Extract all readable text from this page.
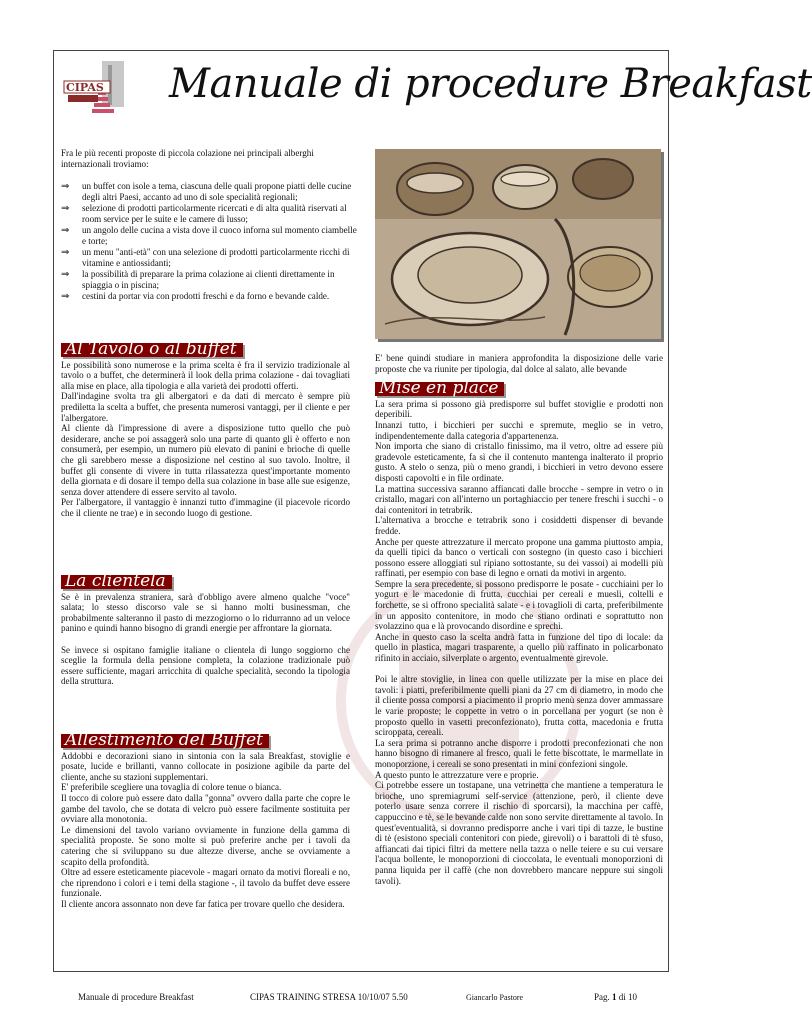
CIPAS Manuale di procedure Breakfast

Fra le più recenti proposte di piccola colazione nei principali alberghi internazionali troviamo:

⇒ un buffet con isole a tema, ciascuna delle quali propone piatti delle cucine degli altri Paesi, accanto ad uno di sole specialità regionali;
⇒ selezione di prodotti particolarmente ricercati e di alta qualità riservati al room service per le suite e le camere di lusso;
⇒ un angolo delle cucina a vista dove il cuoco inforna sul momento ciambelle e torte;
⇒ un menu "anti-età" con una selezione di prodotti particolarmente ricchi di vitamine e antiossidanti;
⇒ la possibilità di preparare la prima colazione ai clienti direttamente in spiaggia o in piscina;
⇒ cestini da portar via con prodotti freschi e da forno e bevande calde.
Al Tavolo o al buffet

Le possibilità sono numerose e la prima scelta è fra il servizio tradizionale al tavolo o a buffet, che determinerà il look della prima colazione - dai tovagliati alla mise en place, alla tipologia e alla varietà dei prodotti offerti.

Dall'indagine svolta tra gli albergatori e da dati di mercato è sempre più prediletta la scelta a buffet, che presenta numerosi vantaggi, per il cliente e per l'albergatore.

Al cliente dà l'impressione di avere a disposizione tutto quello che può desiderare, anche se poi assaggerà solo una parte di quanto gli è offerto e non consumerà, per esempio, un numero più elevato di panini e brioche di quelle che gli sarebbero messe a disposizione nel cestino al suo tavolo. Inoltre, il buffet gli consente di vivere in tutta rilassatezza quest'importante momento della giornata e di dosare il tempo della sua colazione in base alle sue esigenze, senza dover attendere di essere servito al tavolo.

Per l'albergatore, il vantaggio è innanzi tutto d'immagine (il piacevole ricordo che il cliente ne trae) e in secondo luogo di gestione.

La clientela

Se è in prevalenza straniera, sarà d'obbligo avere almeno qualche "voce" salata; lo stesso discorso vale se si hanno molti businessman, che probabilmente salteranno il pasto di mezzogiorno o lo ridurranno ad un veloce panino e quindi hanno bisogno di grandi energie per affrontare la giornata.

Se invece si ospitano famiglie italiane o clientela di lungo soggiorno che sceglie la formula della pensione completa, la colazione tradizionale può essere sufficiente, magari arricchita di qualche specialità, secondo la tipologia della struttura.

Allestimento del Buffet

Addobbi e decorazioni siano in sintonia con la sala Breakfast, stoviglie e posate, lucide e brillanti, vanno collocate in posizione agibile da parte del cliente, anche su stazioni supplementari.

E' preferibile scegliere una tovaglia di colore tenue o bianca.

Il tocco di colore può essere dato dalla "gonna" ovvero dalla parte che copre le gambe del tavolo, che se dotata di velcro può essere facilmente sostituita per ovviare alla monotonia.

Le dimensioni del tavolo variano ovviamente in funzione della gamma di specialità proposte. Se sono molte si può preferire anche per i tavoli da catering che si sviluppano su due altezze diverse, anche se ovviamente a scapito della profondità.

Oltre ad essere esteticamente piacevole - magari ornato da motivi floreali e no, che riprendono i colori e i temi della stagione -, il tavolo da buffet deve essere funzionale.

Il cliente ancora assonnato non deve far fatica per trovare quello che desidera.

E' bene quindi studiare in maniera approfondita la disposizione delle varie proposte che va riunite per tipologia, dal dolce al salato, alle bevande

Mise en place

La sera prima si possono già predisporre sul buffet stoviglie e prodotti non deperibili.

Innanzi tutto, i bicchieri per succhi e spremute, meglio se in vetro, indipendentemente dalla categoria d'appartenenza.

Non importa che siano di cristallo finissimo, ma il vetro, oltre ad essere più gradevole esteticamente, fa sì che il contenuto mantenga inalterato il proprio gusto. A stelo o senza, più o meno grandi, i bicchieri in vetro devono essere disposti capovolti e in file ordinate.

La mattina successiva saranno affiancati dalle brocche - sempre in vetro o in cristallo, magari con all'interno un portaghiaccio per tenere freschi i succhi - o dai contenitori in tetrabrik.

L'alternativa a brocche e tetrabrik sono i cosiddetti dispenser di bevande fredde.

Anche per queste attrezzature il mercato propone una gamma piuttosto ampia, da quelli tipici da banco o verticali con sostegno (in questo caso i bicchieri possono essere alloggiati sul ripiano sottostante, su dei vassoi) ai modelli più raffinati, per esempio con base di legno e ornati da motivi in argento.

Sempre la sera precedente, si possono predisporre le posate - cucchiaini per lo yogurt e le macedonie di frutta, cucchiai per cereali e muesli, coltelli e forchette, se si offrono specialità salate - e i tovaglioli di carta, preferibilmente in un apposito contenitore, in modo che stiano ordinati e soprattutto non svolazzino qua e là provocando disordine e sprechi.

Anche in questo caso la scelta andrà fatta in funzione del tipo di locale: da quello in plastica, magari trasparente, a quello più raffinato in policarbonato rifinito in acciaio, silverplate o argento, eventualmente girevole.

Poi le altre stoviglie, in linea con quelle utilizzate per la mise en place dei tavoli: i piatti, preferibilmente quelli piani da 27 cm di diametro, in modo che il cliente possa comporsi a piacimento il proprio menù senza dover ammassare le varie proposte; le coppette in vetro o in porcellana per yogurt (se non è proposto quello in vasetti preconfezionato), frutta cotta, macedonia e frutta sciroppata, cereali.

La sera prima si potranno anche disporre i prodotti preconfezionati che non hanno bisogno di rimanere al fresco, quali le fette biscottate, le marmellate in monoporzione, i cereali se sono presentati in mini confezioni singole.

A questo punto le attrezzature vere e proprie.

Ci potrebbe essere un tostapane, una vetrinetta che mantiene a temperatura le brioche, uno spremiagrumi self-service (attenzione, però, il cliente deve poterlo usare senza correre il rischio di sporcarsi), la macchina per caffè, cappuccino e tè, se le bevande calde non sono servite direttamente al tavolo. In quest'eventualità, si dovranno predisporre anche i vari tipi di tazze, le bustine di tè (esistono speciali contenitori con piede, girevoli) o i barattoli di tè sfuso, affiancati dai tipici filtri da mettere nella tazza o nelle teiere e su cui versare l'acqua bollente, le monoporzioni di cioccolata, le eventuali monoporzioni di panna liquida per il caffè (che non dovrebbero mancare neppure sui singoli tavoli).

Manuale di procedure Breakfast	CIPAS TRAINING STRESA 10/10/07 5.50	Giancarlo Pastore	Pag. 1 di 10
